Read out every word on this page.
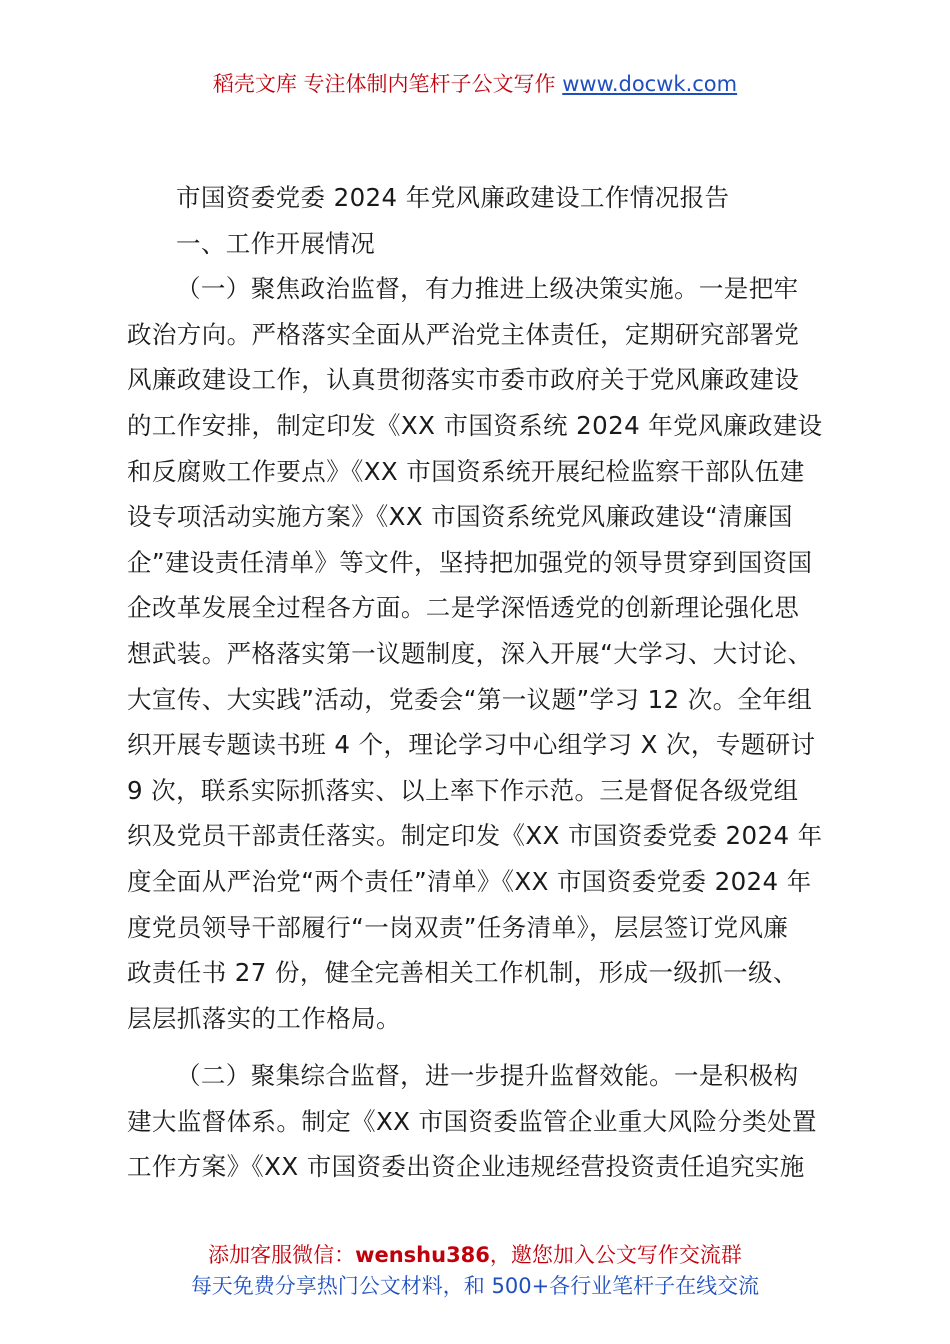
稻壳文库 专注体制内笔杆子公文写作 www.docwk.com
市国资委党委 2024 年党风廉政建设工作情况报告
一、工作开展情况
（一）聚焦政治监督，有力推进上级决策实施。一是把牢
政治方向。严格落实全面从严治党主体责任，定期研究部署党
风廉政建设工作，认真贯彻落实市委市政府关于党风廉政建设
的工作安排，制定印发《XX 市国资系统 2024 年党风廉政建设
和反腐败工作要点》《XX 市国资系统开展纪检监察干部队伍建
设专项活动实施方案》《XX 市国资系统党风廉政建设“清廉国
企”建设责任清单》等文件，坚持把加强党的领导贯穿到国资国
企改革发展全过程各方面。二是学深悟透党的创新理论强化思
想武装。严格落实第一议题制度，深入开展“大学习、大讨论、
大宣传、大实践”活动，党委会“第一议题”学习 12 次。全年组
织开展专题读书班 4 个，理论学习中心组学习 X 次，专题研讨
9 次，联系实际抓落实、以上率下作示范。三是督促各级党组
织及党员干部责任落实。制定印发《XX 市国资委党委 2024 年
度全面从严治党“两个责任”清单》《XX 市国资委党委 2024 年
度党员领导干部履行“一岗双责”任务清单》，层层签订党风廉
政责任书 27 份，健全完善相关工作机制，形成一级抓一级、
层层抓落实的工作格局。
（二）聚集综合监督，进一步提升监督效能。一是积极构
建大监督体系。制定《XX 市国资委监管企业重大风险分类处置
工作方案》《XX 市国资委出资企业违规经营投资责任追究实施
添加客服微信：wenshu386，邀您加入公文写作交流群
每天免费分享热门公文材料，和 500+各行业笔杆子在线交流
